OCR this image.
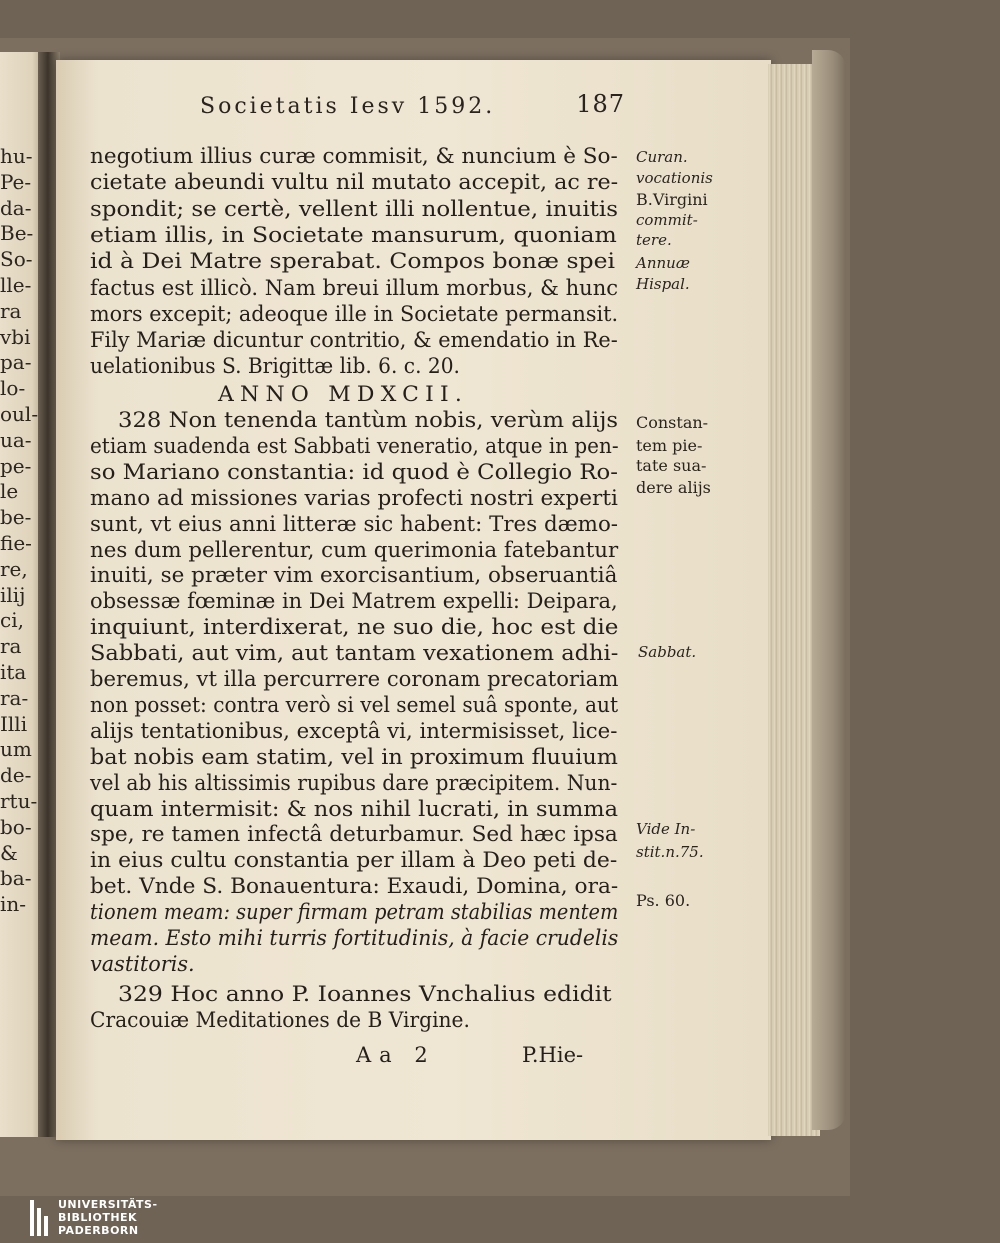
hu-
Pe-
da-
Be-
So-
lle-
ra
vbi
pa-
lo-
oul-
ua-
pe-
le
be-
fie-
re,
ilij
ci,
ra
ita
ra-
Illi
um
de-
rtu-
bo-
&
ba-
in-
Societatis Iesv 1592.	187
negotium illius curæ commisit, & nuncium è So-
cietate abeundi vultu nil mutato accepit, ac re-
spondit; se certè, vellent illi nollentue, inuitis
etiam illis, in Societate mansurum, quoniam
id à Dei Matre sperabat. Compos bonæ spei
factus est illicò. Nam breui illum morbus, & hunc
mors excepit; adeoque ille in Societate permansit.
Fily Mariæ dicuntur contritio, & emendatio in Re-
uelationibus S. Brigittæ lib. 6. c. 20.
ANNO MDXCII.
328 Non tenenda tantùm nobis, verùm alijs
etiam suadenda est Sabbati veneratio, atque in pen-
so Mariano constantia: id quod è Collegio Ro-
mano ad missiones varias profecti nostri experti
sunt, vt eius anni litteræ sic habent: Tres dæmo-
nes dum pellerentur, cum querimonia fatebantur
inuiti, se præter vim exorcisantium, obseruantiâ
obsessæ fœminæ in Dei Matrem expelli: Deipara,
inquiunt, interdixerat, ne suo die, hoc est die
Sabbati, aut vim, aut tantam vexationem adhi-
beremus, vt illa percurrere coronam precatoriam
non posset: contra verò si vel semel suâ sponte, aut
alijs tentationibus, exceptâ vi, intermisisset, lice-
bat nobis eam statim, vel in proximum fluuium
vel ab his altissimis rupibus dare præcipitem. Nun-
quam intermisit: & nos nihil lucrati, in summa
spe, re tamen infectâ deturbamur. Sed hæc ipsa
in eius cultu constantia per illam à Deo peti de-
bet. Vnde S. Bonauentura: Exaudi, Domina, ora-
tionem meam: super firmam petram stabilias mentem
meam. Esto mihi turris fortitudinis, à facie crudelis
vastitoris.
329 Hoc anno P. Ioannes Vnchalius edidit
Cracouiæ Meditationes de B Virgine.
Curan.
vocationis
B.Virgini
commit-
tere.
Annuæ
Hispal.
Constan-
tem pie-
tate sua-
dere alijs
Sabbat.
Vide In-
stit.n.75.
Ps. 60.
Aa 2	P.Hie-
UNIVERSITÄTS-
BIBLIOTHEK
PADERBORN
